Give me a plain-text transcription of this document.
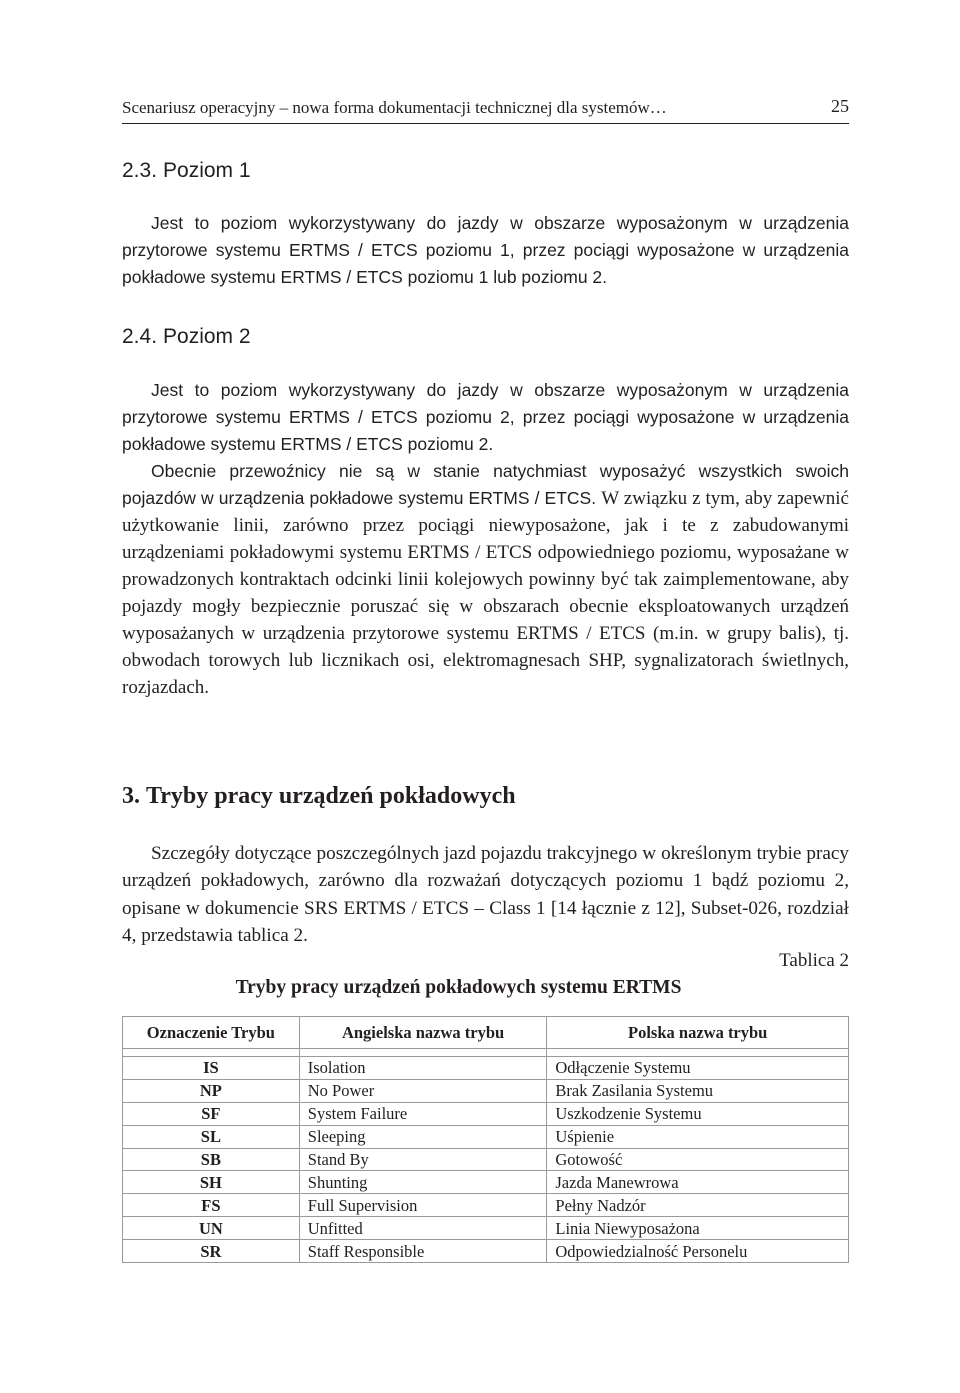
Scenariusz operacyjny – nowa forma dokumentacji technicznej dla systemów…	25
2.3. Poziom 1

Jest to poziom wykorzystywany do jazdy w obszarze wyposażonym w urządzenia przytorowe systemu ERTMS / ETCS poziomu 1, przez pociągi wyposażone w urządzenia pokładowe systemu ERTMS / ETCS poziomu 1 lub poziomu 2.

2.4. Poziom 2

Jest to poziom wykorzystywany do jazdy w obszarze wyposażonym w urządzenia przytorowe systemu ERTMS / ETCS poziomu 2, przez pociągi wyposażone w urządzenia pokładowe systemu ERTMS / ETCS poziomu 2.

Obecnie przewoźnicy nie są w stanie natychmiast wyposażyć wszystkich swoich pojazdów w urządzenia pokładowe systemu ERTMS / ETCS. W związku z tym, aby zapewnić użytkowanie linii, zarówno przez pociągi niewyposażone, jak i te z zabudowanymi urządzeniami pokładowymi systemu ERTMS / ETCS odpowiedniego poziomu, wyposażane w prowadzonych kontraktach odcinki linii kolejowych powinny być tak zaimplementowane, aby pojazdy mogły bezpiecznie poruszać się w obszarach obecnie eksploatowanych urządzeń wyposażanych w urządzenia przytorowe systemu ERTMS / ETCS (m.in. w grupy balis), tj. obwodach torowych lub licznikach osi, elektromagnesach SHP, sygnalizatorach świetlnych, rozjazdach.

3. Tryby pracy urządzeń pokładowych

Szczegóły dotyczące poszczególnych jazd pojazdu trakcyjnego w określonym trybie pracy urządzeń pokładowych, zarówno dla rozważań dotyczących poziomu 1 bądź poziomu 2, opisane w dokumencie SRS ERTMS / ETCS – Class 1 [14 łącznie z 12], Subset-026, rozdział 4, przedstawia tablica 2.

Tablica 2
Tryby pracy urządzeń pokładowych systemu ERTMS
Oznaczenie Trybu	Angielska nazwa trybu	Polska nazwa trybu

IS	Isolation	Odłączenie Systemu
NP	No Power	Brak Zasilania Systemu
SF	System Failure	Uszkodzenie Systemu
SL	Sleeping	Uśpienie
SB	Stand By	Gotowość
SH	Shunting	Jazda Manewrowa
FS	Full Supervision	Pełny Nadzór
UN	Unfitted	Linia Niewyposażona
SR	Staff Responsible	Odpowiedzialność Personelu
